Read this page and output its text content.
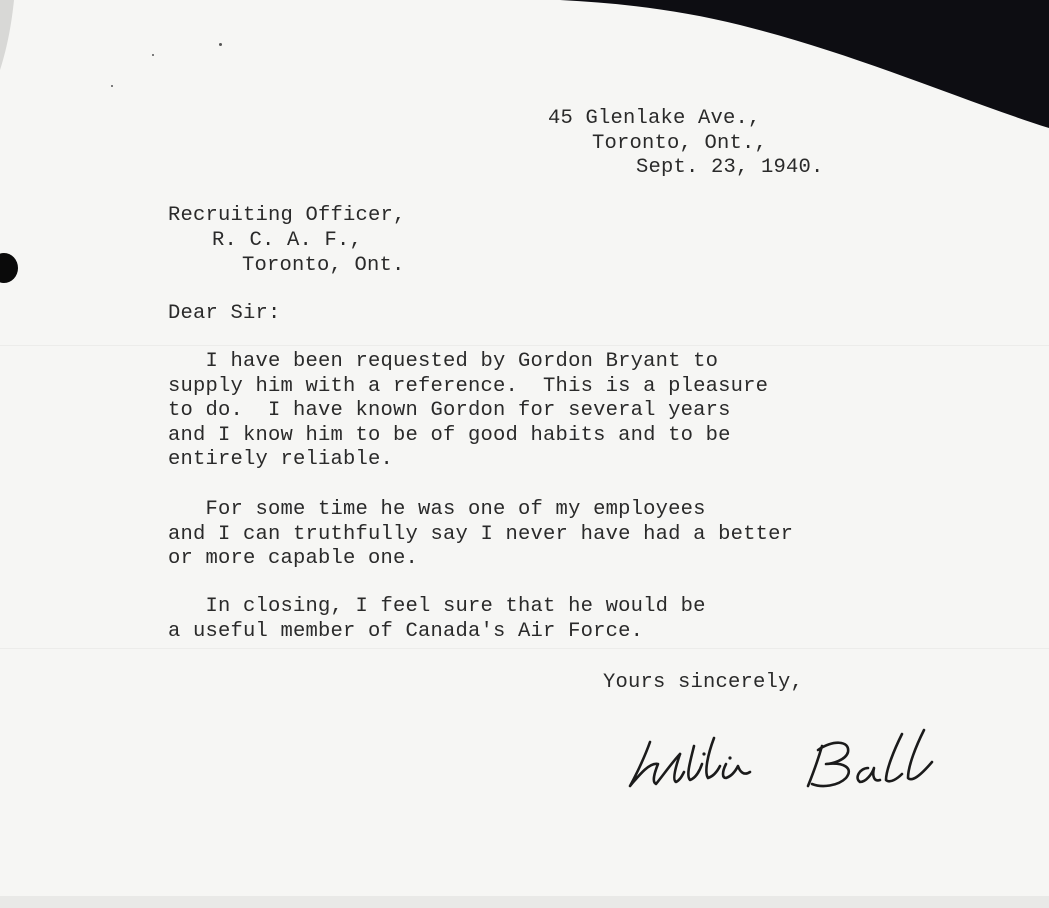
45 Glenlake Ave.,
Toronto, Ont.,
Sept. 23, 1940.
Recruiting Officer,
R. C. A. F.,
Toronto, Ont.
Dear Sir:

I have been requested by Gordon Bryant to
supply him with a reference.  This is a pleasure
to do.  I have known Gordon for several years
and I know him to be of good habits and to be
entirely reliable.

For some time he was one of my employees
and I can truthfully say I never have had a better
or more capable one.

In closing, I feel sure that he would be
a useful member of Canada's Air Force.

Yours sincerely,
